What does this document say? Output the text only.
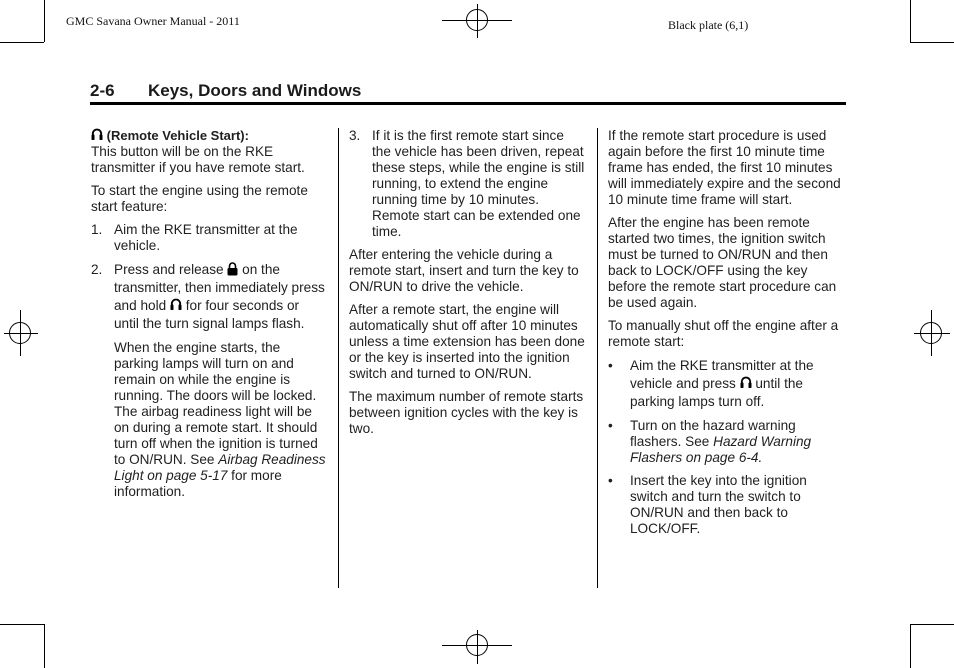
GMC Savana Owner Manual - 2011	Black plate (6,1)
2-6 Keys, Doors and Windows
(Remote Vehicle Start):

This button will be on the RKE transmitter if you have remote start.

To start the engine using the remote start feature:

1. Aim the RKE transmitter at the vehicle.
2. Press and release on the transmitter, then immediately press and hold for four seconds or until the turn signal lamps flash.

When the engine starts, the parking lamps will turn on and remain on while the engine is running. The doors will be locked. The airbag readiness light will be on during a remote start. It should turn off when the ignition is turned to ON/RUN. See Airbag Readiness Light on page 5-17 for more information.

3. If it is the first remote start since the vehicle has been driven, repeat these steps, while the engine is still running, to extend the engine running time by 10 minutes. Remote start can be extended one time.

After entering the vehicle during a remote start, insert and turn the key to ON/RUN to drive the vehicle.

After a remote start, the engine will automatically shut off after 10 minutes unless a time extension has been done or the key is inserted into the ignition switch and turned to ON/RUN.

The maximum number of remote starts between ignition cycles with the key is two.

If the remote start procedure is used again before the first 10 minute time frame has ended, the first 10 minutes will immediately expire and the second 10 minute time frame will start.

After the engine has been remote started two times, the ignition switch must be turned to ON/RUN and then back to LOCK/OFF using the key before the remote start procedure can be used again.

To manually shut off the engine after a remote start:

• Aim the RKE transmitter at the vehicle and press until the parking lamps turn off.
• Turn on the hazard warning flashers. See Hazard Warning Flashers on page 6-4.
• Insert the key into the ignition switch and turn the switch to ON/RUN and then back to LOCK/OFF.
